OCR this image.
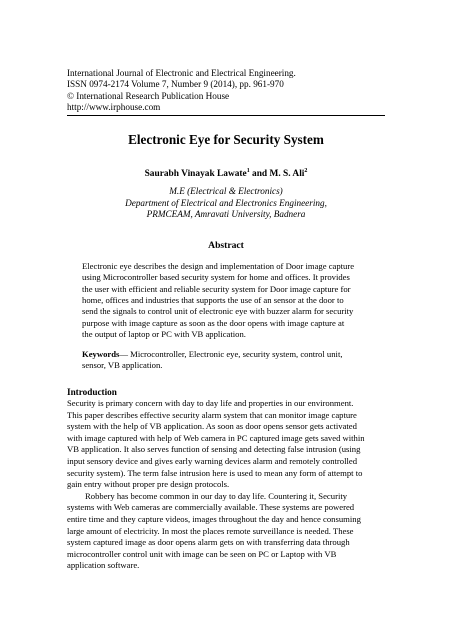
International Journal of Electronic and Electrical Engineering.
ISSN 0974-2174 Volume 7, Number 9 (2014), pp. 961-970
© International Research Publication House
http://www.irphouse.com
Electronic Eye for Security System
Saurabh Vinayak Lawate$^1$ and M. S. Ali$^2$
M.E (Electrical & Electronics)
Department of Electrical and Electronics Engineering,
PRMCEAM, Amravati University, Badnera
Abstract
Electronic eye describes the design and implementation of Door image capture
using Microcontroller based security system for home and offices. It provides
the user with efficient and reliable security system for Door image capture for
home, offices and industries that supports the use of an sensor at the door to
send the signals to control unit of electronic eye with buzzer alarm for security
purpose with image capture as soon as the door opens with image capture at
the output of laptop or PC with VB application.
Keywords— Microcontroller, Electronic eye, security system, control unit,
sensor, VB application.
Introduction
Security is primary concern with day to day life and properties in our environment.
This paper describes effective security alarm system that can monitor image capture
system with the help of VB application. As soon as door opens sensor gets activated
with image captured with help of Web camera in PC captured image gets saved within
VB application. It also serves function of sensing and detecting false intrusion (using
input sensory device and gives early warning devices alarm and remotely controlled
security system). The term false intrusion here is used to mean any form of attempt to
gain entry without proper pre design protocols.
Robbery has become common in our day to day life. Countering it, Security
systems with Web cameras are commercially available. These systems are powered
entire time and they capture videos, images throughout the day and hence consuming
large amount of electricity. In most the places remote surveillance is needed. These
system captured image as door opens alarm gets on with transferring data through
microcontroller control unit with image can be seen on PC or Laptop with VB
application software.
